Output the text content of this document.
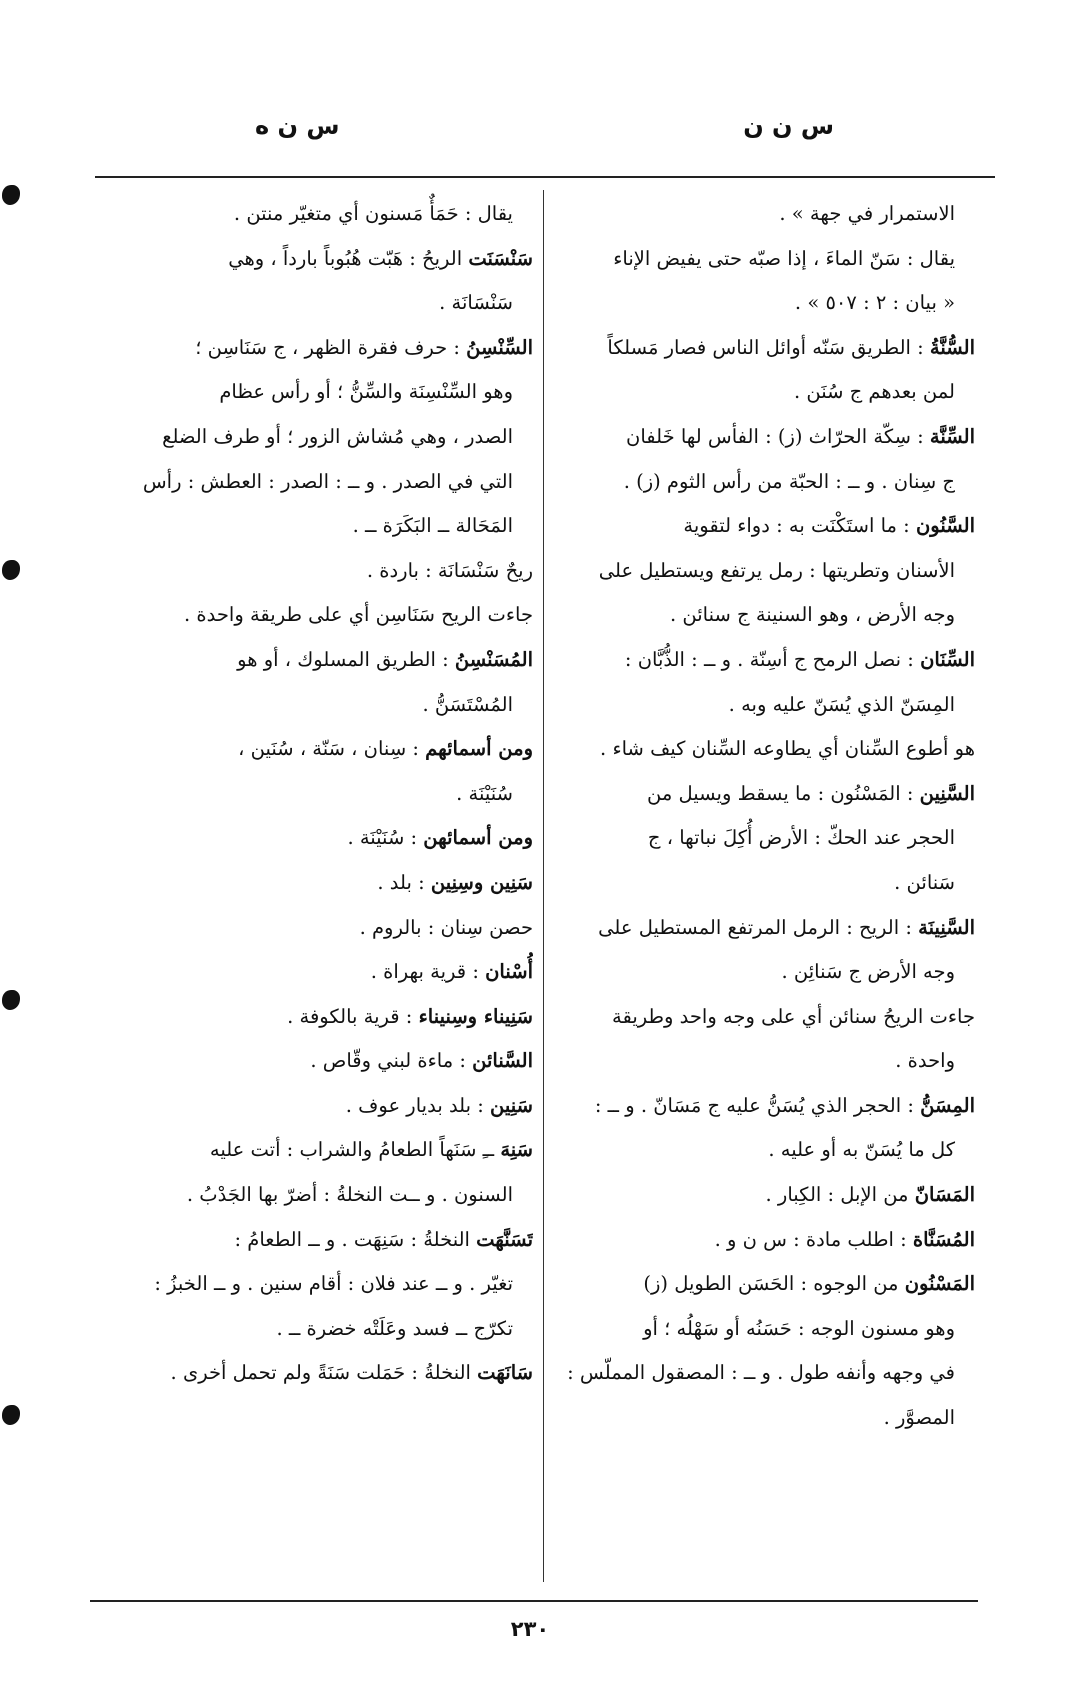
س ن ن
س ن ه
الاستمرار في جهة » .
يقال : سَنّ الماءَ ، إذا صبّه حتى يفيض الإناء
« بيان : ٢ : ٥٠٧ » .
السُّنَّةُ : الطريق سَنّه أوائل الناس فصار مَسلكاً
لمن بعدهم ج سُنَن .
السِّنَّة : سِكّة الحرّاث (ز) : الفأس لها خَلفان
ج سِنان . و ــ : الحبّة من رأس الثوم (ز) .
السَّنُون : ما استَكْنَت به : دواء لتقوية
الأسنان وتطريتها : رمل يرتفع ويستطيل على
وجه الأرض ، وهو السنينة ج سنائن .
السِّنَان : نصل الرمح ج أسِنّة . و ــ : الذُّبَّان :
المِسَنّ الذي يُسَنّ عليه وبه .
هو أطوع السِّنان أي يطاوعه السِّنان كيف شاء .
السَّنِين : المَسْنُون : ما يسقط ويسيل من
الحجر عند الحكّ : الأرض أُكِلَ نباتها ، ج
سَنائن .
السَّنِينَة : الريح : الرمل المرتفع المستطيل على
وجه الأرض ج سَنائِن .
جاءت الريحُ سنائن أي على وجه واحد وطريقة
واحدة .
المِسَنُّ : الحجر الذي يُسَنُّ عليه ج مَسَانّ . و ــ :
كل ما يُسَنّ به أو عليه .
المَسَانّ من الإبل : الكِبار .
المُسَنَّاة : اطلب مادة : س ن و .
المَسْنُون من الوجوه : الحَسَن الطويل (ز)
وهو مسنون الوجه : حَسَنُه أو سَهْلُه ؛ أو
في وجهه وأنفه طول . و ــ : المصقول المملّس :
المصوَّر .
يقال : حَمَأٌ مَسنون أي متغيّر منتن .
سَنْسَنَت الريحُ : هَبّت هُبُوباً بارداً ، وهي
سَنْسَانَة .
السِّنْسِنُ : حرف فقرة الظهر ، ج سَنَاسِن ؛
وهو السِّنْسِنَة والسِّنُّ ؛ أو رأس عظام
الصدر ، وهي مُشاش الزور ؛ أو طرف الضلع
التي في الصدر . و ــ : الصدر : العطش : رأس
المَحَالة ــ البَكَرَة ــ .
ريحٌ سَنْسَانَة : باردة .
جاءت الريح سَنَاسِن أي على طريقة واحدة .
المُسَنْسِنُ : الطريق المسلوك ، أو هو
المُسْتَسَنُّ .
ومن أسمائهم : سِنان ، سَنّة ، سُنَين ،
سُنَيْنَة .
ومن أسمائهن : سُنَيْنَة .
سَنِين وسِنِين : بلد .
حصن سِنان : بالروم .
أُسْنان : قرية بهراة .
سَنِيناء وسِنيناء : قرية بالكوفة .
السَّنائن : ماءة لبني وقّاص .
سَنِين : بلد بديار عوف .
سَنِهَ ــِ سَنَهاً الطعامُ والشراب : أتت عليه
السنون . و ــت النخلةُ : أضرّ بها الجَدْبُ .
تَسَنَّهَت النخلةُ : سَنِهَت . و ــ الطعامُ :
تغيّر . و ــ عند فلان : أقام سنين . و ــ الخبزُ :
تكرّج ــ فسد وعَلَتْه خضرة ــ .
سَانَهَت النخلةُ : حَمَلت سَنَةً ولم تحمل أخرى .
٢٣٠
